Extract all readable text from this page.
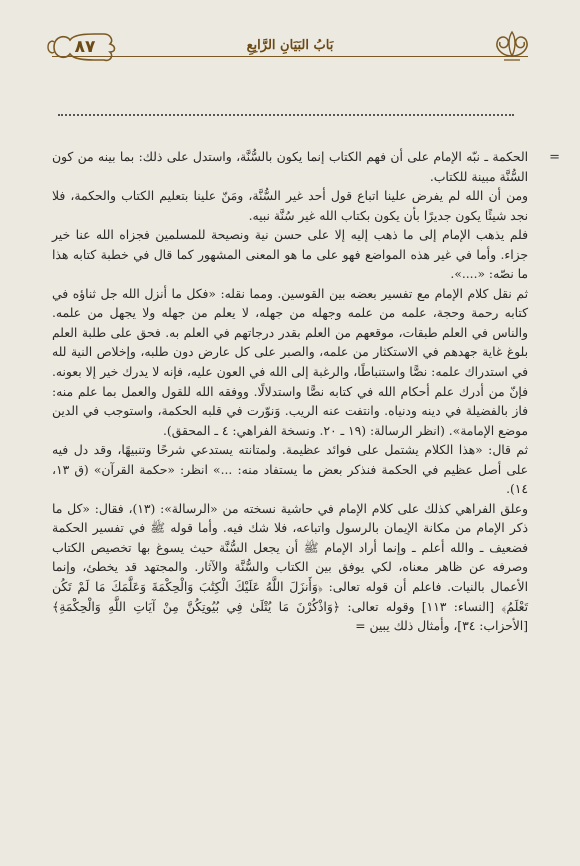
٨٧	بَابُ البَيَانِ الرَّابِعِ
=

الحكمة ـ نبّه الإمام على أن فهم الكتاب إنما يكون بالسُّنَّة، واستدل على ذلك: بما بينه من كون السُّنَّة مبينة للكتاب.

ومن أن الله لم يفرض علينا اتباع قول أحد غير السُّنَّة، ومَنّ علينا بتعليم الكتاب والحكمة، فلا نجد شيئًا يكون جديرًا بأن يكون بكتاب الله غير سُنَّة نبيه.

فلم يذهب الإمام إلى ما ذهب إليه إلا على حسن نية ونصيحة للمسلمين فجزاه الله عنا خير جزاء. وأما في غير هذه المواضع فهو على ما هو المعنى المشهور كما قال في خطبة كتابه هذا ما نصّه: «....».

ثم نقل كلام الإمام مع تفسير بعضه بين القوسين. ومما نقله: «فكل ما أنزل الله جل ثناؤه في كتابه رحمة وحجة، علمه من علمه وجهله من جهله، لا يعلم من جهله ولا يجهل من علمه. والناس في العلم طبقات، موقعهم من العلم بقدر درجاتهم في العلم به. فحق على طلبة العلم بلوغ غاية جهدهم في الاستكثار من علمه، والصبر على كل عارض دون طلبه، وإخلاص النية لله في استدراك علمه: نصًّا واستنباطًا، والرغبة إلى الله في العون عليه، فإنه لا يدرك خير إلا بعونه. فإنّ من أدرك علم أحكام الله في كتابه نصًّا واستدلالًا. ووفقه الله للقول والعمل بما علم منه: فاز بالفضيلة في دينه ودنياه. وانتفت عنه الريب. وَنوّرت في قلبه الحكمة، واستوجب في الدين موضع الإمامة». (انظر الرسالة: (١٩ ـ ٢٠. ونسخة الفراهي: ٤ ـ المحقق).

ثم قال: «هذا الكلام يشتمل على فوائد عظيمة. ولمتانته يستدعي شرحًا وتنبيهًا، وقد دل فيه على أصل عظيم في الحكمة فنذكر بعض ما يستفاد منه: ...» انظر: «حكمة القرآن» (ق ١٣، ١٤).

وعلق الفراهي كذلك على كلام الإمام في حاشية نسخته من «الرسالة»: (١٣)، فقال: «كل ما ذكر الإمام من مكانة الإيمان بالرسول واتباعه، فلا شك فيه. وأما قوله ﷺ في تفسير الحكمة فضعيف ـ والله أعلم ـ وإنما أراد الإمام ﷺ أن يجعل السُّنَّة حيث يسوغ بها تخصيص الكتاب وصرفه عن ظاهر معناه، لكي يوفق بين الكتاب والسُّنَّة والآثار. والمجتهد قد يخطئ، وإنما الأعمال بالنيات. فاعلم أن قوله تعالى: ﴿وَأَنزَلَ اللَّهُ عَلَيْكَ الْكِتَٰبَ وَالْحِكْمَةَ وَعَلَّمَكَ مَا لَمْ تَكُن تَعْلَمُ﴾ [النساء: ١١٣] وقوله تعالى: ﴿وَاذْكُرْنَ مَا يُتْلَىٰ فِي بُيُوتِكُنَّ مِنْ آيَاتِ اللَّهِ وَالْحِكْمَةِ﴾ [الأحزاب: ٣٤]، وأمثال ذلك يبين =
